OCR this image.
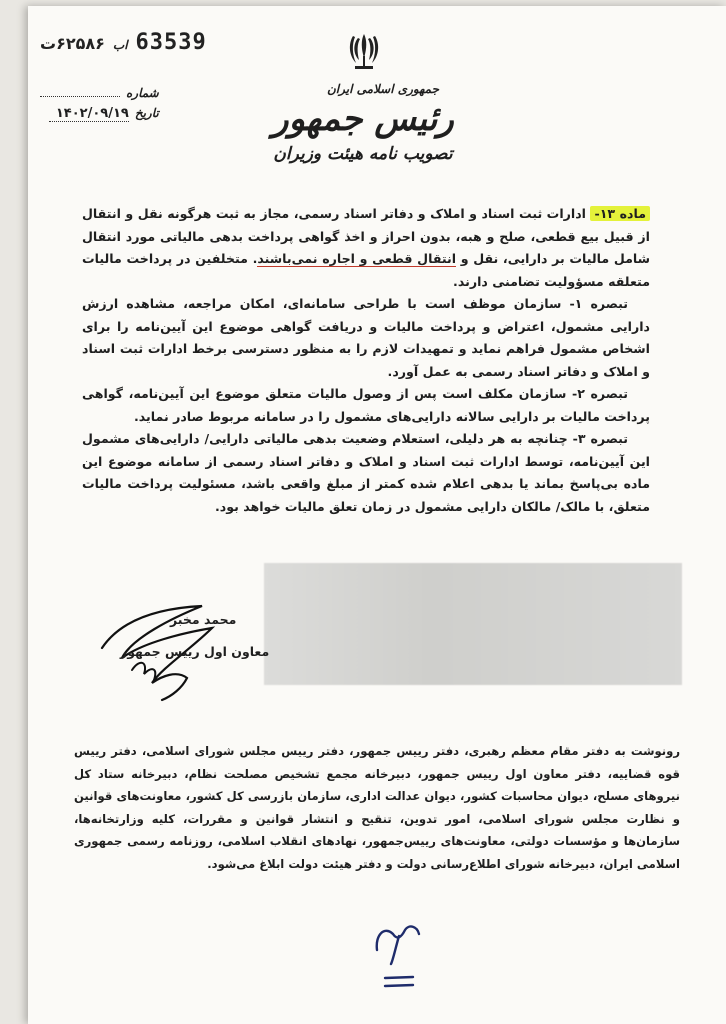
63539
اب
۶۲۵۸۶ت
شماره
تاریخ
۱۴۰۲/۰۹/۱۹
جمهوری اسلامی ایران
رئیس جمهور
تصویب نامه هیئت وزیران

ماده ۱۳- ادارات ثبت اسناد و املاک و دفاتر اسناد رسمی، مجاز به ثبت هرگونه نقل و انتقال از قبیل بیع قطعی، صلح و هبه، بدون احراز و اخذ گواهی پرداخت بدهی مالیاتی مورد انتقال شامل مالیات بر دارایی، نقل و انتقال قطعی و اجاره نمی‌باشند. متخلفین در پرداخت مالیات متعلقه مسؤولیت تضامنی دارند.

تبصره ۱- سازمان موظف است با طراحی سامانه‌ای، امکان مراجعه، مشاهده ارزش دارایی مشمول، اعتراض و پرداخت مالیات و دریافت گواهی موضوع این آیین‌نامه را برای اشخاص مشمول فراهم نماید و تمهیدات لازم را به منظور دسترسی برخط ادارات ثبت اسناد و املاک و دفاتر اسناد رسمی به عمل آورد.

تبصره ۲- سازمان مکلف است پس از وصول مالیات متعلق موضوع این آیین‌نامه، گواهی پرداخت مالیات بر دارایی سالانه دارایی‌های مشمول را در سامانه مربوط صادر نماید.

تبصره ۳- چنانچه به هر دلیلی، استعلام وضعیت بدهی مالیاتی دارایی/ دارایی‌های مشمول این آیین‌نامه، توسط ادارات ثبت اسناد و املاک و دفاتر اسناد رسمی از سامانه موضوع این ماده بی‌پاسخ بماند یا بدهی اعلام شده کمتر از مبلغ واقعی باشد، مسئولیت پرداخت مالیات متعلق، با مالک/ مالکان دارایی مشمول در زمان تعلق مالیات خواهد بود.

محمد مخبر
معاون اول رییس جمهور
رونوشت به دفتر مقام معظم رهبری، دفتر رییس جمهور، دفتر رییس مجلس شورای اسلامی، دفتر رییس قوه قضاییه، دفتر معاون اول رییس جمهور، دبیرخانه مجمع تشخیص مصلحت نظام، دبیرخانه ستاد کل نیروهای مسلح، دیوان محاسبات کشور، دیوان عدالت اداری، سازمان بازرسی کل کشور، معاونت‌های قوانین و نظارت مجلس شورای اسلامی، امور تدوین، تنقیح و انتشار قوانین و مقررات، کلیه وزارتخانه‌ها، سازمان‌ها و مؤسسات دولتی، معاونت‌های رییس‌جمهور، نهادهای انقلاب اسلامی، روزنامه رسمی جمهوری اسلامی ایران، دبیرخانه شورای اطلاع‌رسانی دولت و دفتر هیئت دولت ابلاغ می‌شود.
